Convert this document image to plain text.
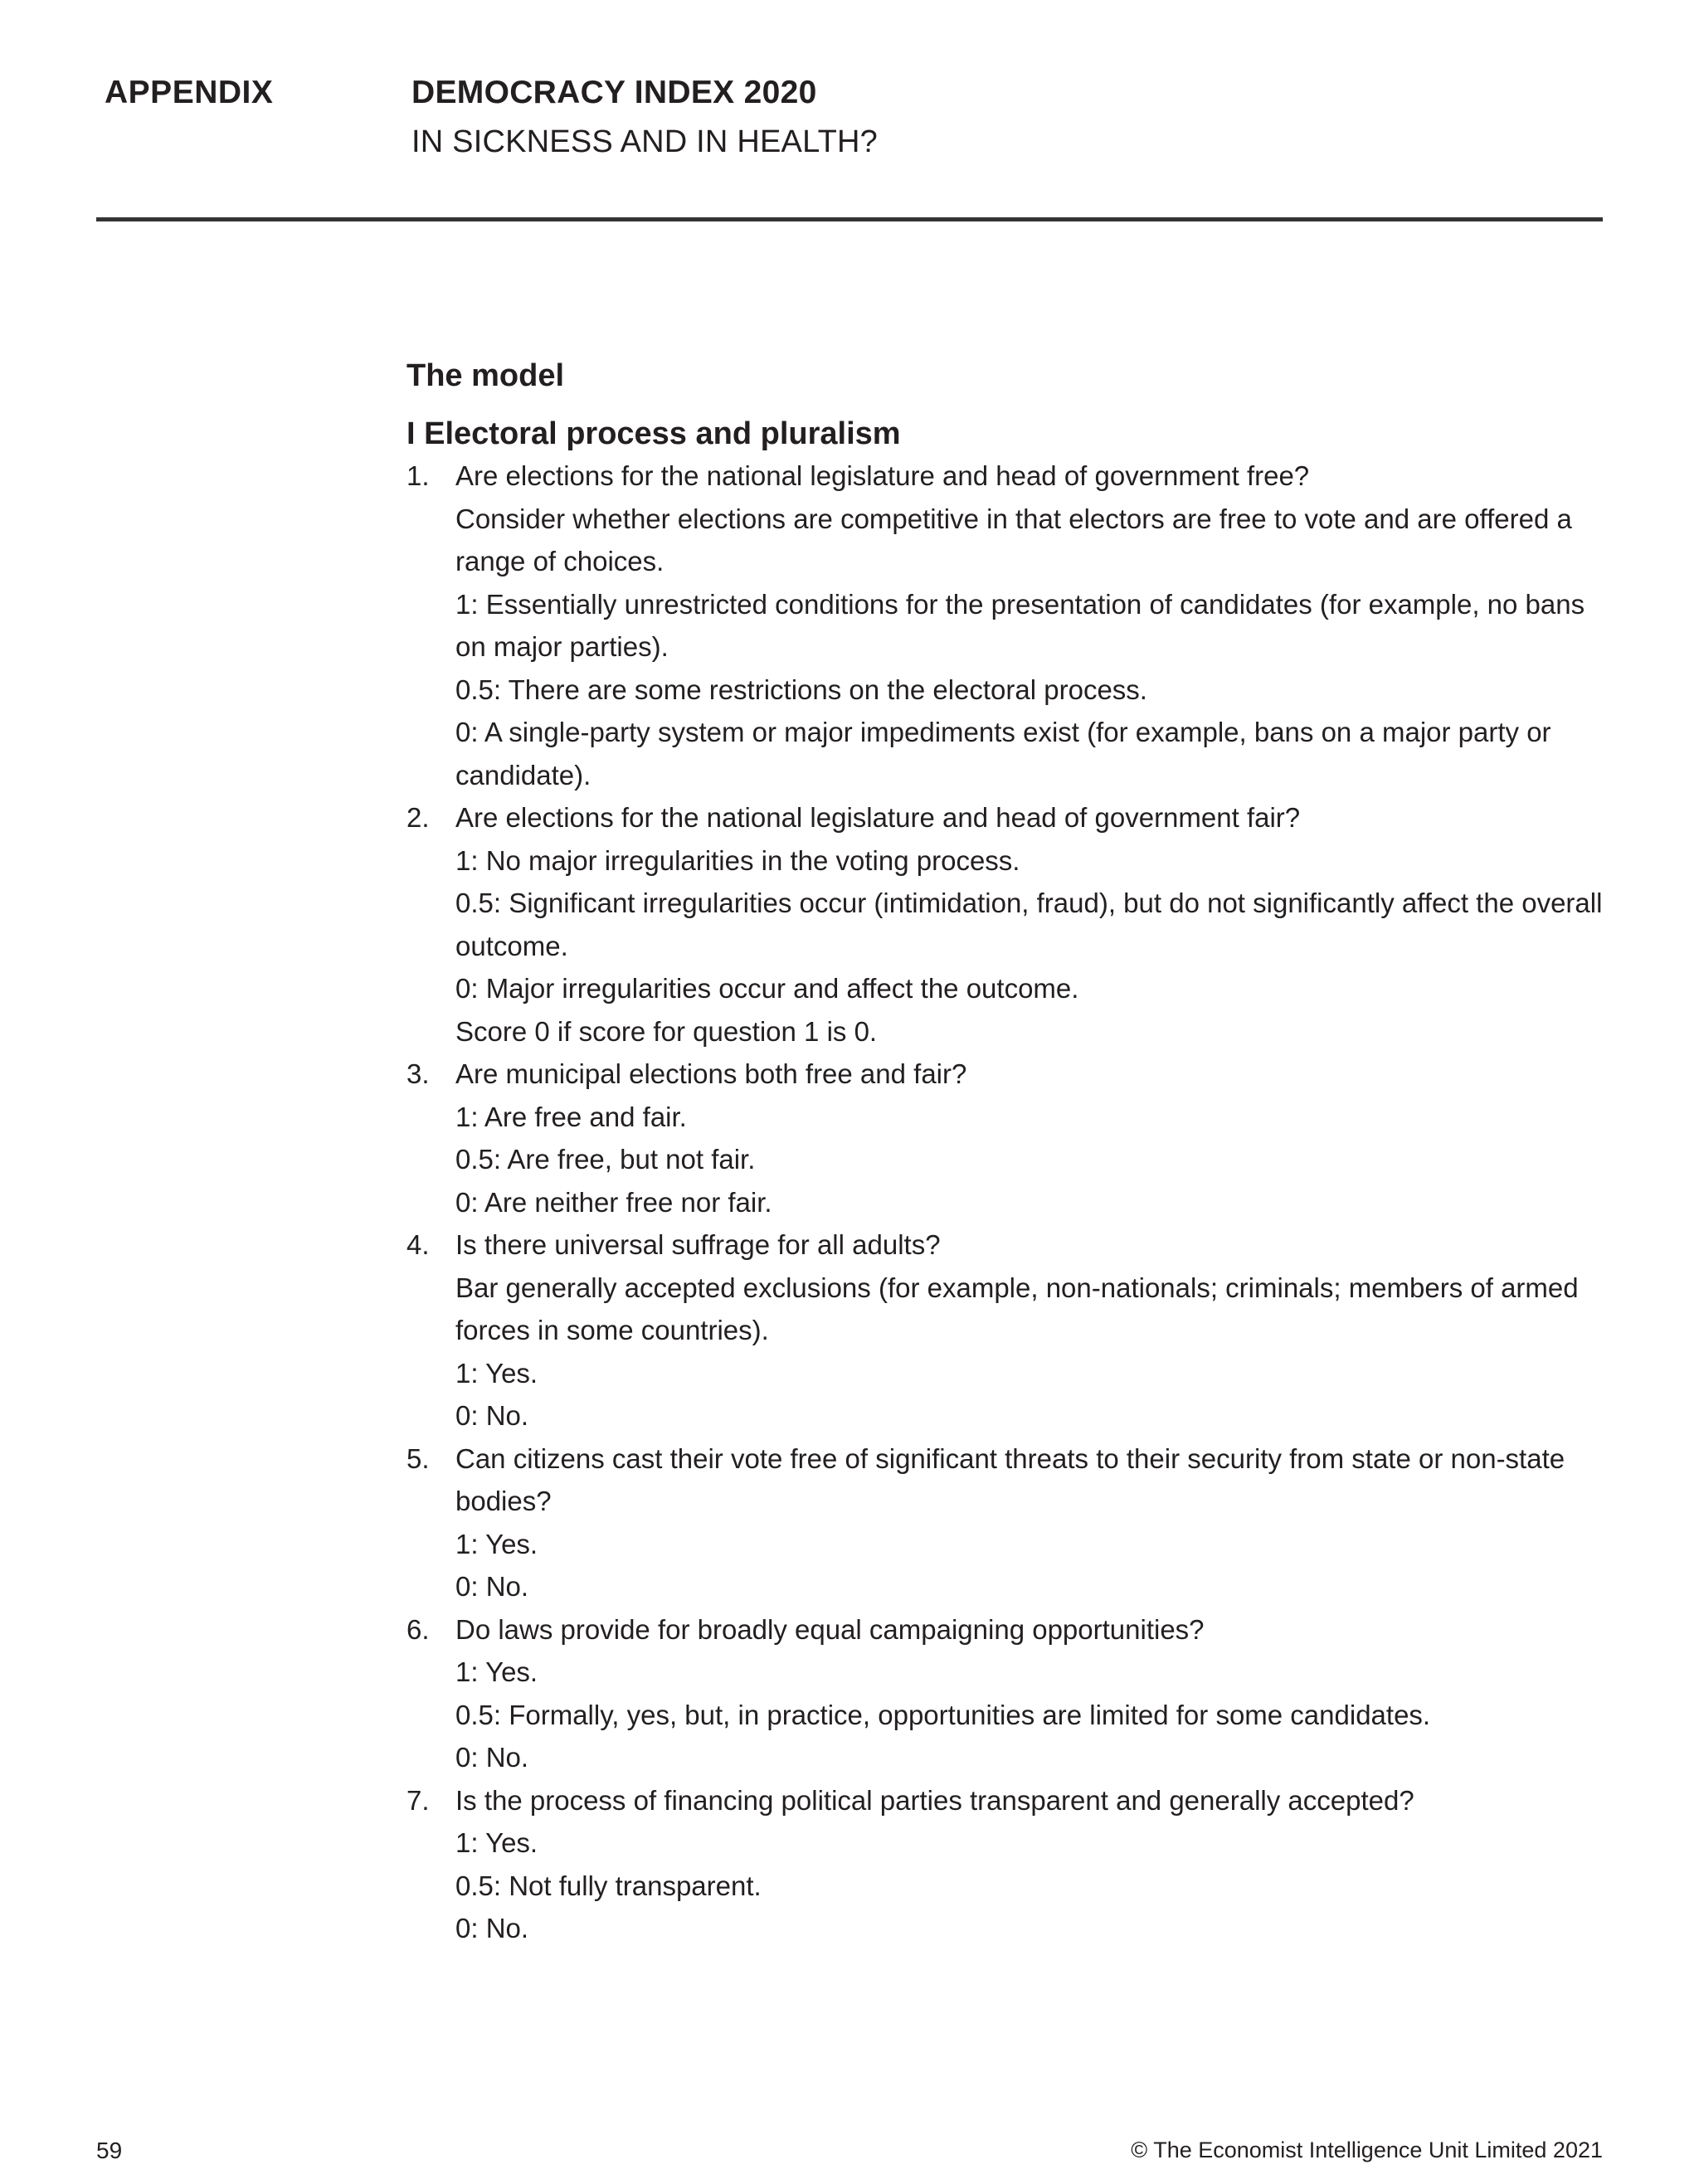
APPENDIX	DEMOCRACY INDEX 2020
IN SICKNESS AND IN HEALTH?
The model
I Electoral process and pluralism
1. Are elections for the national legislature and head of government free?
Consider whether elections are competitive in that electors are free to vote and are offered a range of choices.
1: Essentially unrestricted conditions for the presentation of candidates (for example, no bans on major parties).
0.5: There are some restrictions on the electoral process.
0: A single-party system or major impediments exist (for example, bans on a major party or candidate).
2. Are elections for the national legislature and head of government fair?
1: No major irregularities in the voting process.
0.5: Significant irregularities occur (intimidation, fraud), but do not significantly affect the overall outcome.
0: Major irregularities occur and affect the outcome.
Score 0 if score for question 1 is 0.
3. Are municipal elections both free and fair?
1: Are free and fair.
0.5: Are free, but not fair.
0: Are neither free nor fair.
4. Is there universal suffrage for all adults?
Bar generally accepted exclusions (for example, non-nationals; criminals; members of armed forces in some countries).
1: Yes.
0: No.
5. Can citizens cast their vote free of significant threats to their security from state or non-state bodies?
1: Yes.
0: No.
6. Do laws provide for broadly equal campaigning opportunities?
1: Yes.
0.5: Formally, yes, but, in practice, opportunities are limited for some candidates.
0: No.
7. Is the process of financing political parties transparent and generally accepted?
1: Yes.
0.5: Not fully transparent.
0: No.
59	© The Economist Intelligence Unit Limited 2021
